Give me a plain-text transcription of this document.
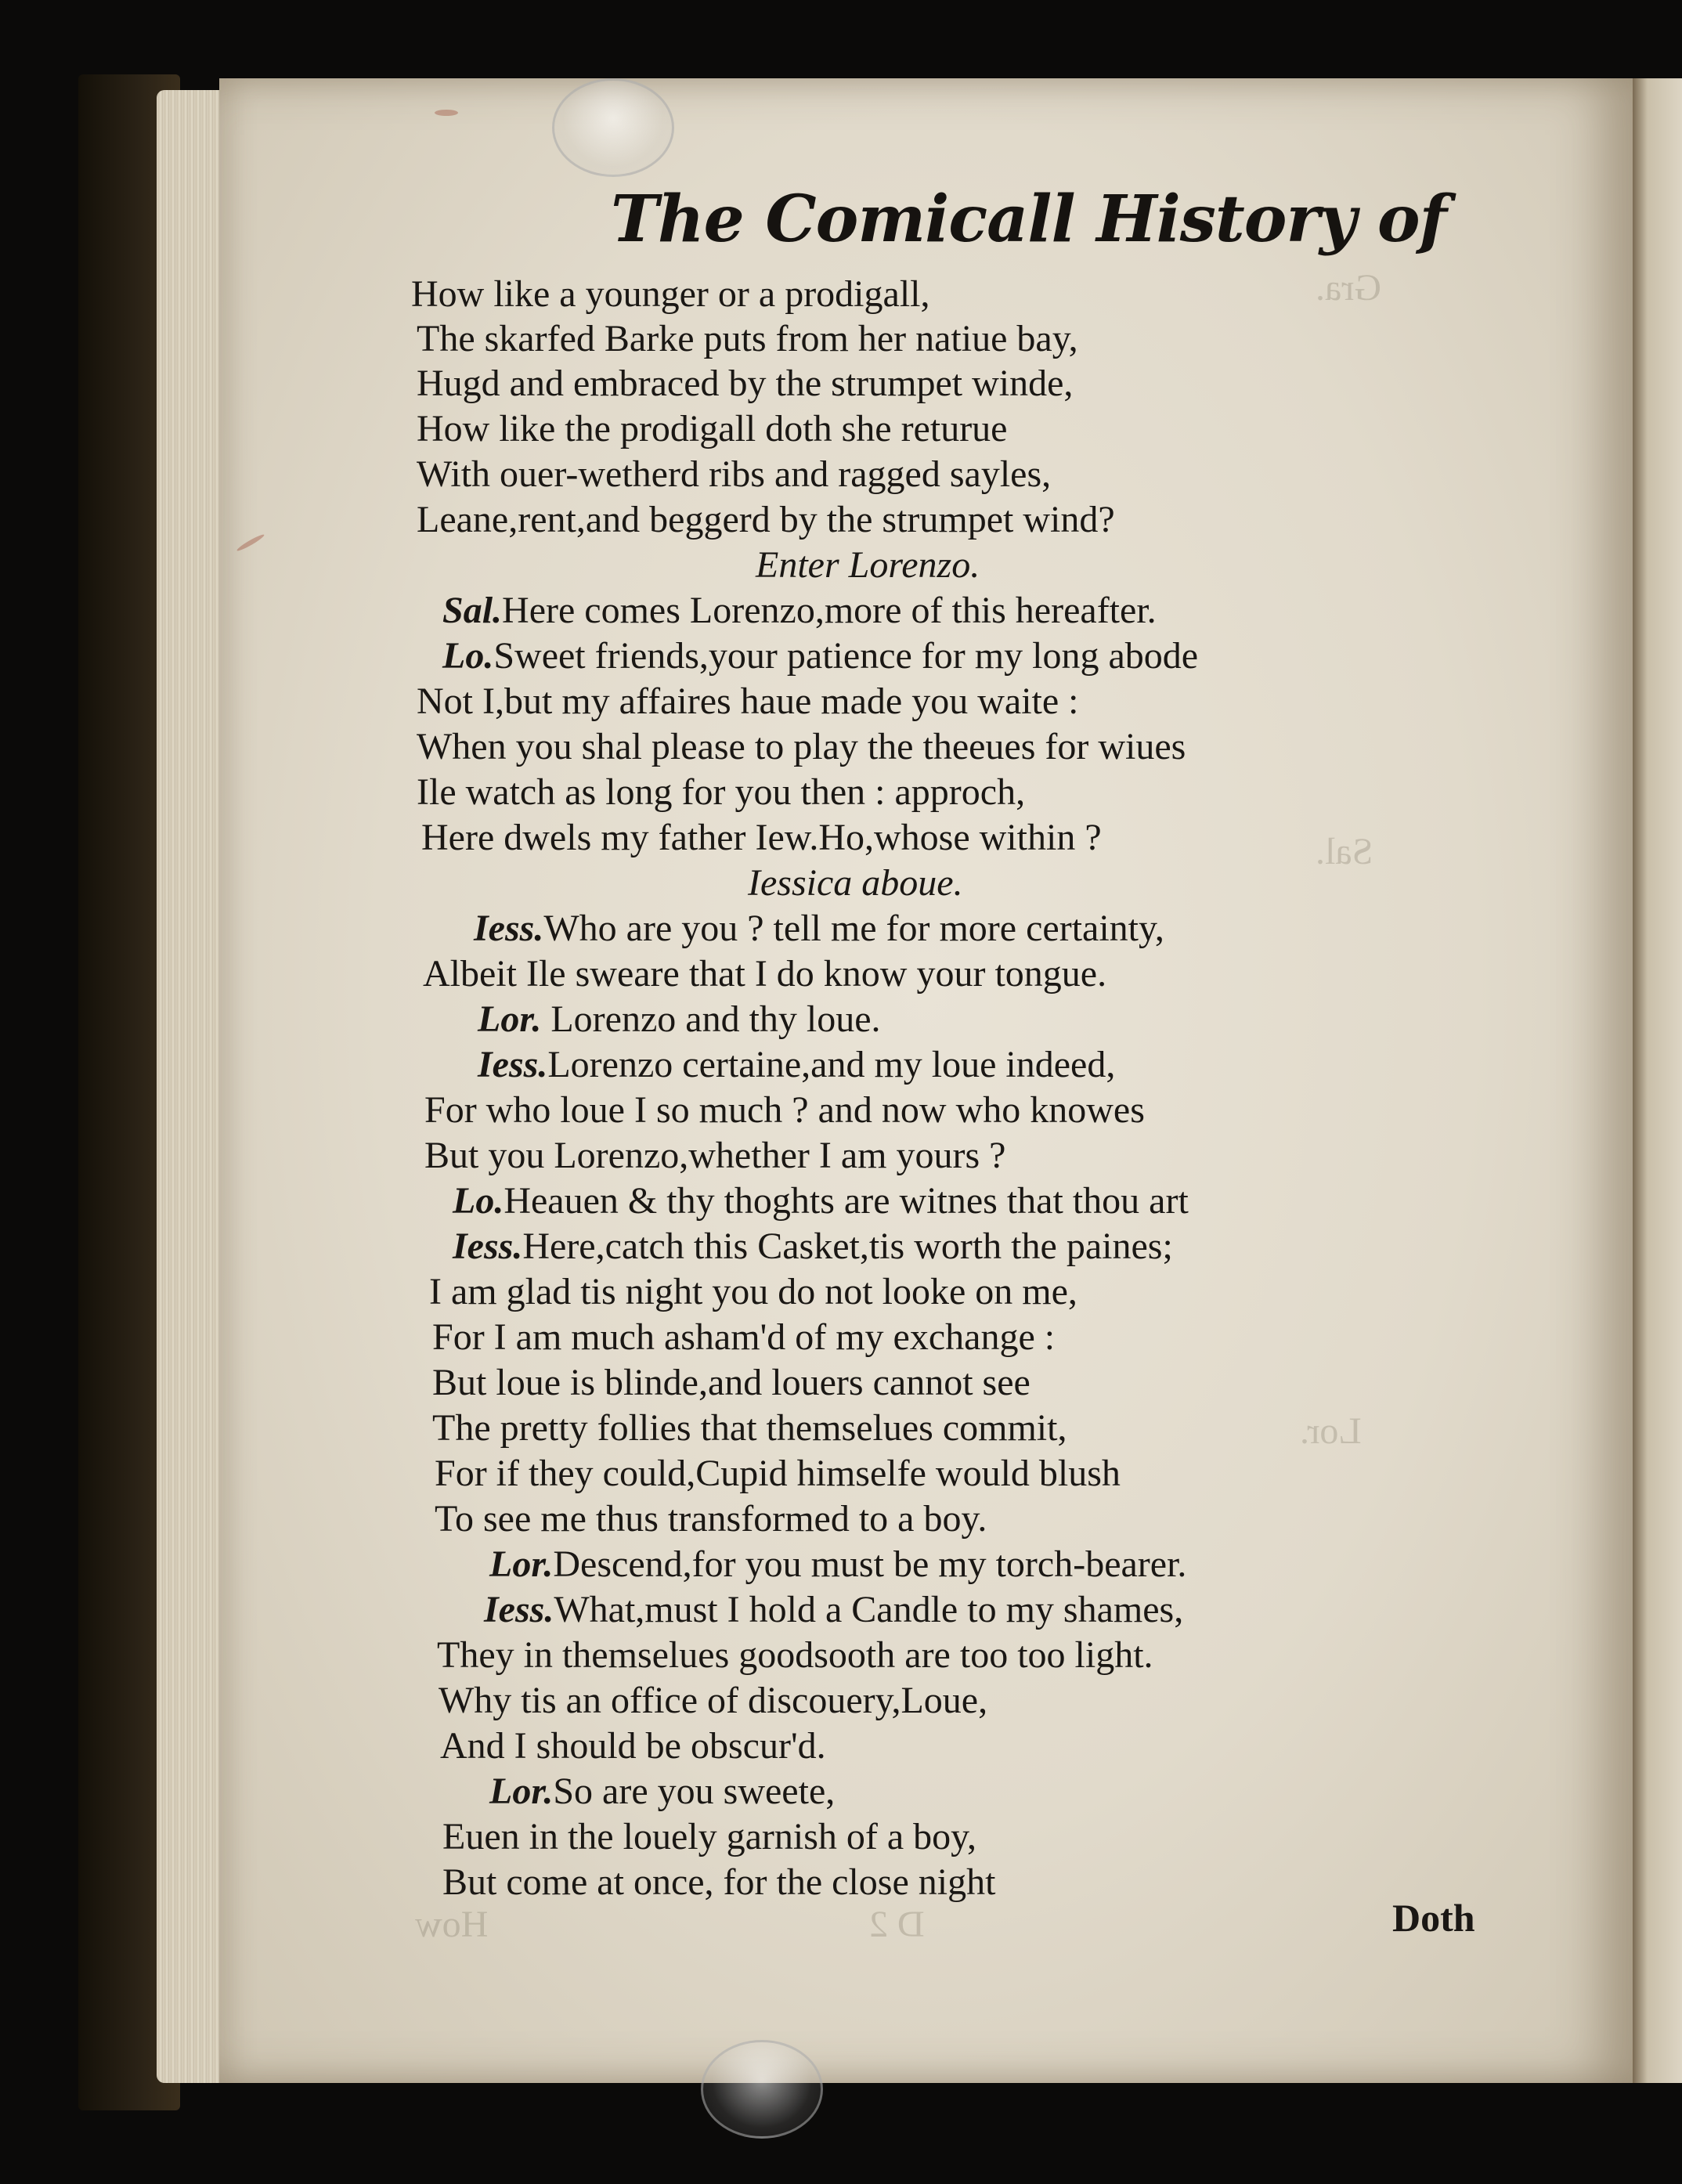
Gra.
Sal.
Lor.
D 2
How
The Comicall History of
How like a younger or a prodigall,
The skarfed Barke puts from her natiue bay,
Hugd and embraced by the strumpet winde,
How like the prodigall doth she returue
With ouer-wetherd ribs and ragged sayles,
Leane,rent,and beggerd by the strumpet wind?
Enter Lorenzo.
Sal.Here comes Lorenzo,more of this hereafter.
Lo.Sweet friends,your patience for my long abode
Not I,but my affaires haue made you waite :
When you shal please to play the theeues for wiues
Ile watch as long for you then : approch,
Here dwels my father Iew.Ho,whose within ?
Iessica aboue.
Iess.Who are you ? tell me for more certainty,
Albeit Ile sweare that I do know your tongue.
Lor. Lorenzo and thy loue.
Iess.Lorenzo certaine,and my loue indeed,
For who loue I so much ? and now who knowes
But you Lorenzo,whether I am yours ?
Lo.Heauen & thy thoghts are witnes that thou art
Iess.Here,catch this Casket,tis worth the paines;
I am glad tis night you do not looke on me,
For I am much asham'd of my exchange :
But loue is blinde,and louers cannot see
The pretty follies that themselues commit,
For if they could,Cupid himselfe would blush
To see me thus transformed to a boy.
Lor.Descend,for you must be my torch-bearer.
Iess.What,must I hold a Candle to my shames,
They in themselues goodsooth are too too light.
Why tis an office of discouery,Loue,
And I should be obscur'd.
Lor.So are you sweete,
Euen in the louely garnish of a boy,
But come at once, for the close night
Doth
